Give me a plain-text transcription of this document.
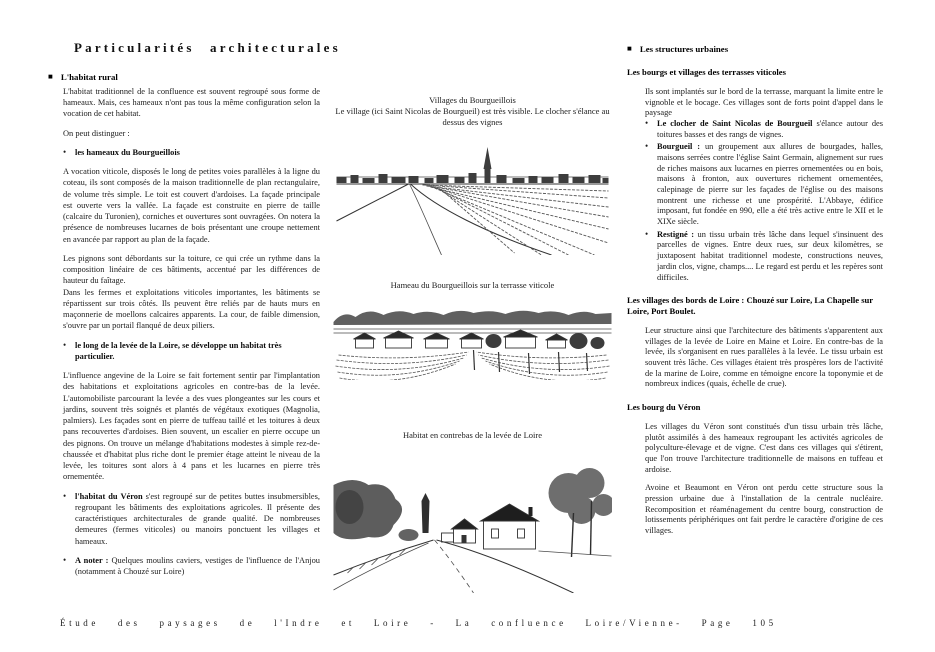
Particularités architecturales
■ L'habitat rural

L'habitat traditionnel de la confluence est souvent regroupé sous forme de hameaux. Mais, ces hameaux n'ont pas tous la même configuration selon la vocation de cet habitat.

On peut distinguer :

• les hameaux du Bourgueillois

A vocation viticole, disposés le long de petites voies parallèles à la ligne du coteau, ils sont composés de la maison traditionnelle de plan rectangulaire, de volume très simple. Le toit est couvert d'ardoises. La façade principale est ouverte vers la vallée. La façade est construite en pierre de taille (calcaire du Turonien), corniches et ouvertures sont ouvragées. On notera la présence de nombreuses lucarnes de bois présentant une croupe nettement en avancée par rapport au plan de la façade.

Les pignons sont débordants sur la toiture, ce qui crée un rythme dans la composition linéaire de ces bâtiments, accentué par les différences de hauteur du faîtage.

Dans les fermes et exploitations viticoles importantes, les bâtiments se répartissent sur trois côtés. Ils peuvent être reliés par de hauts murs en maçonnerie de moellons calcaires apparents. La cour, de faible dimension, s'ouvre par un portail flanqué de deux piliers.

• le long de la levée de la Loire, se développe un habitat très particulier.

L'influence angevine de la Loire se fait fortement sentir par l'implantation des habitations et exploitations agricoles en contre-bas de la levée. L'automobiliste parcourant la levée a des vues plongeantes sur les cours et jardins, souvent très soignés et plantés de végétaux exotiques (Magnolia, palmiers). Les façades sont en pierre de tuffeau taillé et les toitures à deux pans recouvertes d'ardoises. Bien souvent, un escalier en pierre occupe un des pignons. On trouve un mélange d'habitations modestes à simple rez-de-chaussée et d'habitat plus riche dont le premier étage atteint le niveau de la levée, les toitures sont alors à 4 pans et les lucarnes en pierre très ornementée.

• l'habitat du Véron s'est regroupé sur de petites buttes insubmersibles, regroupant les bâtiments des exploitations agricoles. Il présente des caractéristiques architecturales de grande qualité. De nombreuses demeures (fermes viticoles) ou manoirs ponctuent les villages et hameaux.
• A noter : Quelques moulins caviers, vestiges de l'influence de l'Anjou (notamment à Chouzé sur Loire)
Villages du Bourgueillois
Le village (ici Saint Nicolas de Bourgueil) est très visible. Le clocher s'élance au dessus des vignes
Hameau du Bourgueillois sur la terrasse viticole
Habitat en contrebas de la levée de Loire
■ Les structures urbaines
Les bourgs et villages des terrasses viticoles

Ils sont implantés sur le bord de la terrasse, marquant la limite entre le vignoble et le bocage. Ces villages sont de forts point d'appel dans le paysage

• Le clocher de Saint Nicolas de Bourgueil s'élance autour des toitures basses et des rangs de vignes.
• Bourgueil : un groupement aux allures de bourgades, halles, maisons serrées contre l'église Saint Germain, alignement sur rues de riches maisons aux lucarnes en pierres ornementées ou en bois, maisons à fronton, aux ouvertures richement ornementées, calepinage de pierre sur les façades de l'église ou des maisons montrent une richesse et une prospérité. L'Abbaye, édifice imposant, fut fondée en 990, elle a été très active entre le XII et le XIXe siècle.
• Restigné : un tissu urbain très lâche dans lequel s'insinuent des parcelles de vignes. Entre deux rues, sur deux kilomètres, se juxtaposent habitat traditionnel modeste, constructions neuves, jardin clos, vigne, champs.... Le regard est perdu et les repères sont difficiles.
Les villages des bords de Loire : Chouzé sur Loire, La Chapelle sur Loire, Port Boulet.

Leur structure ainsi que l'architecture des bâtiments s'apparentent aux villages de la levée de Loire en Maine et Loire. En contre-bas de la levée, ils s'organisent en rues parallèles à la levée. Le tissu urbain est souvent très lâche. Ces villages étaient très prospères lors de l'activité de la marine de Loire, comme en témoigne encore la toponymie et de nombreux indices (quais, échelle de crue).

Les bourg du Véron

Les villages du Véron sont constitués d'un tissu urbain très lâche, plutôt assimilés à des hameaux regroupant les activités agricoles de polyculture-élevage et de vigne. C'est dans ces villages qui s'étirent, que l'on trouve l'architecture traditionnelle de maisons en tuffeau et ardoise.

Avoine et Beaumont en Véron ont perdu cette structure sous la pression urbaine due à l'installation de la centrale nucléaire. Recomposition et réaménagement du centre bourg, construction de lotissements périphériques ont fait perdre le caractère d'origine de ces villages.

Étude des paysages de l'Indre et Loire - La confluence Loire/Vienne- Page 105
